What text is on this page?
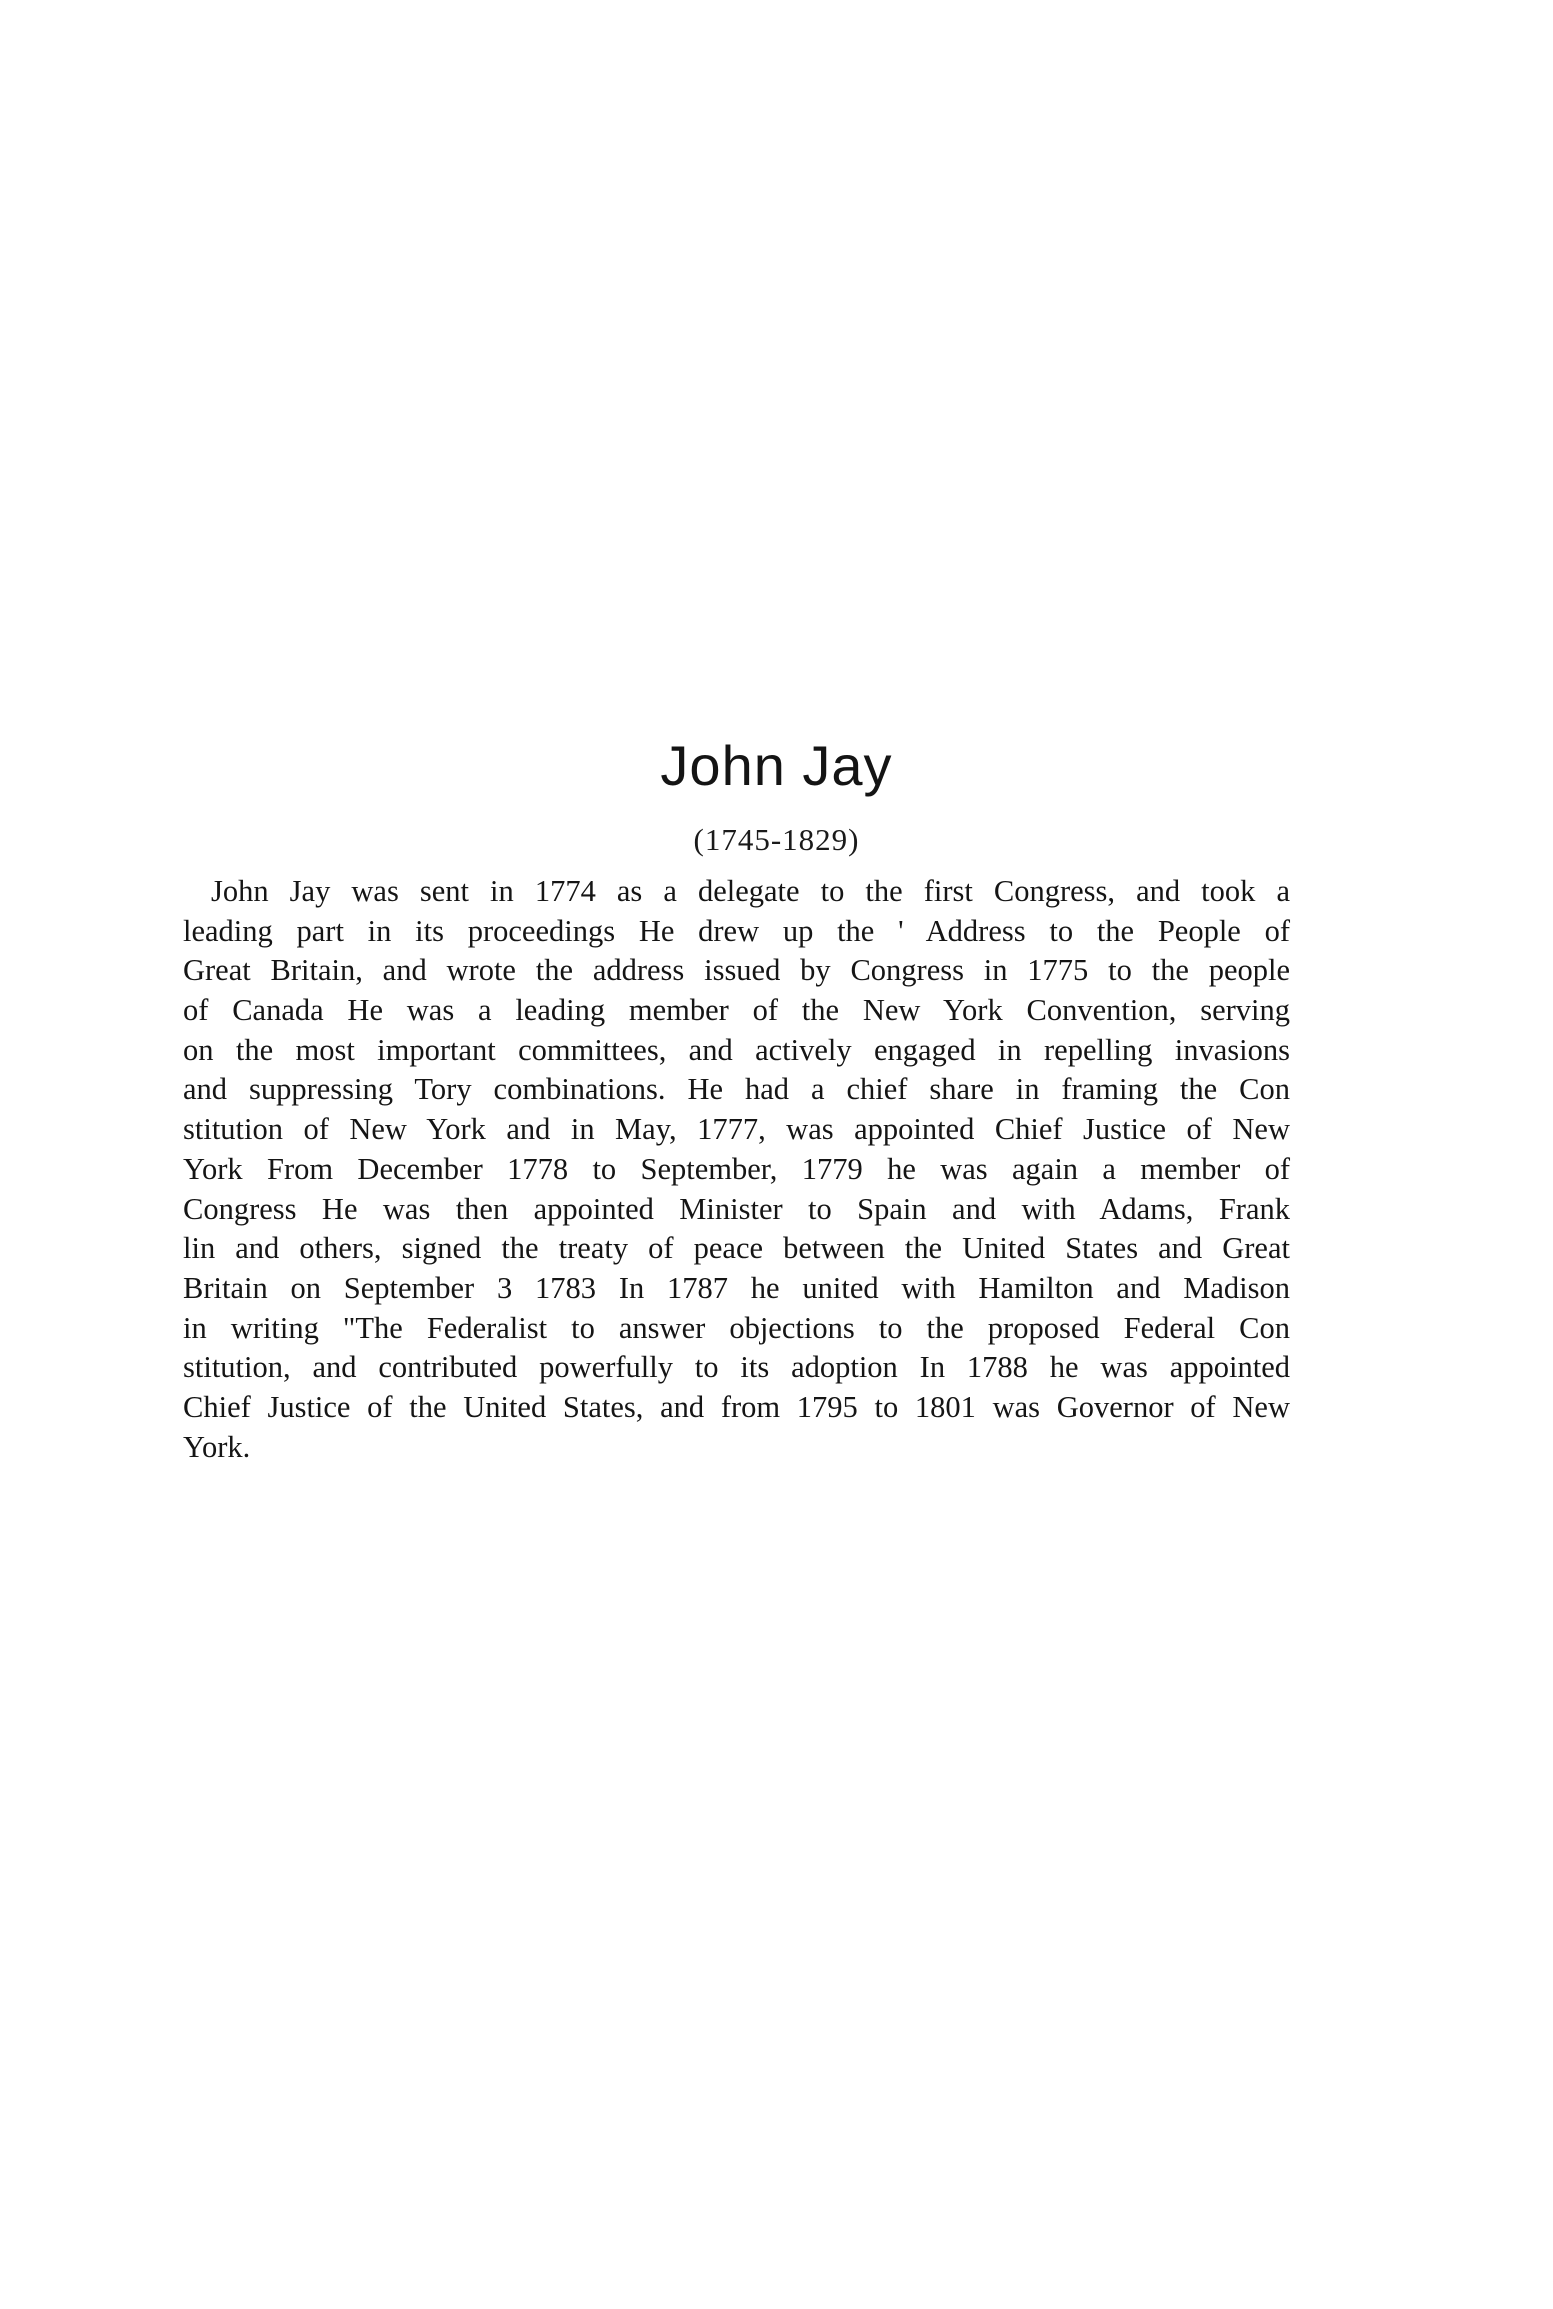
John Jay
(1745-1829)
John Jay was sent in 1774 as a delegate to the first Congress, and took a
leading part in its proceedings He drew up the ' Address to the People of
Great Britain, and wrote the address issued by Congress in 1775 to the people
of Canada He was a leading member of the New York Convention, serving
on the most important committees, and actively engaged in repelling invasions
and suppressing Tory combinations. He had a chief share in framing the Con
stitution of New York and in May, 1777, was appointed Chief Justice of New
York From December 1778 to September, 1779 he was again a member of
Congress He was then appointed Minister to Spain and with Adams, Frank
lin and others, signed the treaty of peace between the United States and Great
Britain on September 3 1783 In 1787 he united with Hamilton and Madison
in writing "The Federalist to answer objections to the proposed Federal Con
stitution, and contributed powerfully to its adoption In 1788 he was appointed
Chief Justice of the United States, and from 1795 to 1801 was Governor of New
York.
